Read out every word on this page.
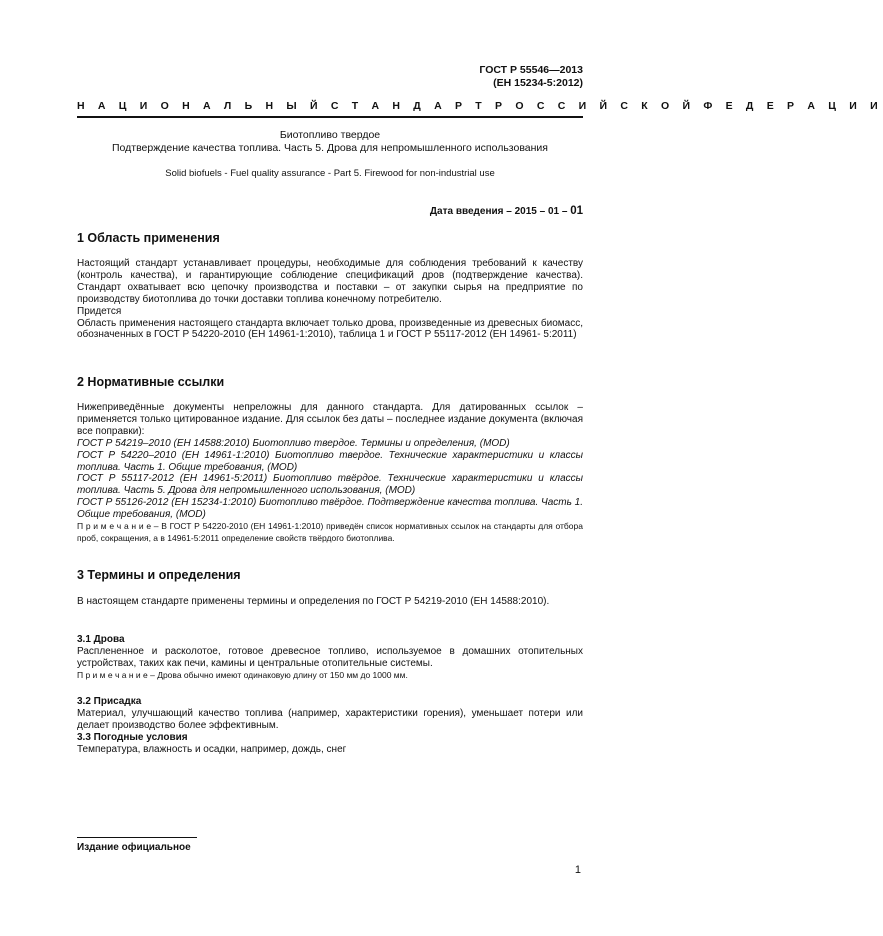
ГОСТ Р 55546—2013
(ЕН 15234-5:2012)
Н А Ц И О Н А Л Ь Н Ы Й С Т А Н Д А Р Т Р О С С И Й С К О Й Ф Е Д Е Р А Ц И И
Биотопливо твердое
Подтверждение качества топлива. Часть 5. Дрова для непромышленного использования
Solid biofuels - Fuel quality assurance - Part 5. Firewood for non-industrial use
Дата введения – 2015 – 01 – 01
1 Область применения

Настоящий стандарт устанавливает процедуры, необходимые для соблюдения требований к качеству (контроль качества), и гарантирующие соблюдение спецификаций дров (подтверждение качества). Стандарт охватывает всю цепочку производства и поставки – от закупки сырья на предприятие по производству биотоплива до точки доставки топлива конечному потребителю.

Придется

Область применения настоящего стандарта включает только дрова, произведенные из древесных биомасс, обозначенных в ГОСТ Р 54220-2010 (ЕН 14961-1:2010), таблица 1 и ГОСТ Р 55117-2012 (ЕН 14961- 5:2011)

2 Нормативные ссылки

Нижеприведённые документы непреложны для данного стандарта. Для датированных ссылок – применяется только цитированное издание. Для ссылок без даты – последнее издание документа (включая все поправки):

ГОСТ Р 54219–2010 (ЕН 14588:2010) Биотопливо твердое. Термины и определения, (MOD)

ГОСТ Р 54220–2010 (ЕН 14961-1:2010) Биотопливо твердое. Технические характеристики и классы топлива. Часть 1. Общие требования, (MOD)

ГОСТ Р 55117-2012 (ЕН 14961-5:2011) Биотопливо твёрдое. Технические характеристики и классы топлива. Часть 5. Дрова для непромышленного использования, (MOD)

ГОСТ Р 55126-2012 (ЕН 15234-1:2010) Биотопливо твёрдое. Подтверждение качества топлива. Часть 1. Общие требования, (MOD)

П р и м е ч а н и е – В ГОСТ Р 54220-2010 (ЕН 14961-1:2010) приведён список нормативных ссылок на стандарты для отбора проб, сокращения, а в 14961-5:2011 определение свойств твёрдого биотоплива.

3 Термины и определения

В настоящем стандарте применены термины и определения по ГОСТ Р 54219-2010 (ЕН 14588:2010).

3.1 Дрова

Расплененное и расколотое, готовое древесное топливо, используемое в домашних отопительных устройствах, таких как печи, камины и центральные отопительные системы.

П р и м е ч а н и е – Дрова обычно имеют одинаковую длину от 150 мм до 1000 мм.

3.2 Присадка

Материал, улучшающий качество топлива (например, характеристики горения), уменьшает потери или делает производство более эффективным.

3.3 Погодные условия

Температура, влажность и осадки, например, дождь, снег

Издание официальное
1
